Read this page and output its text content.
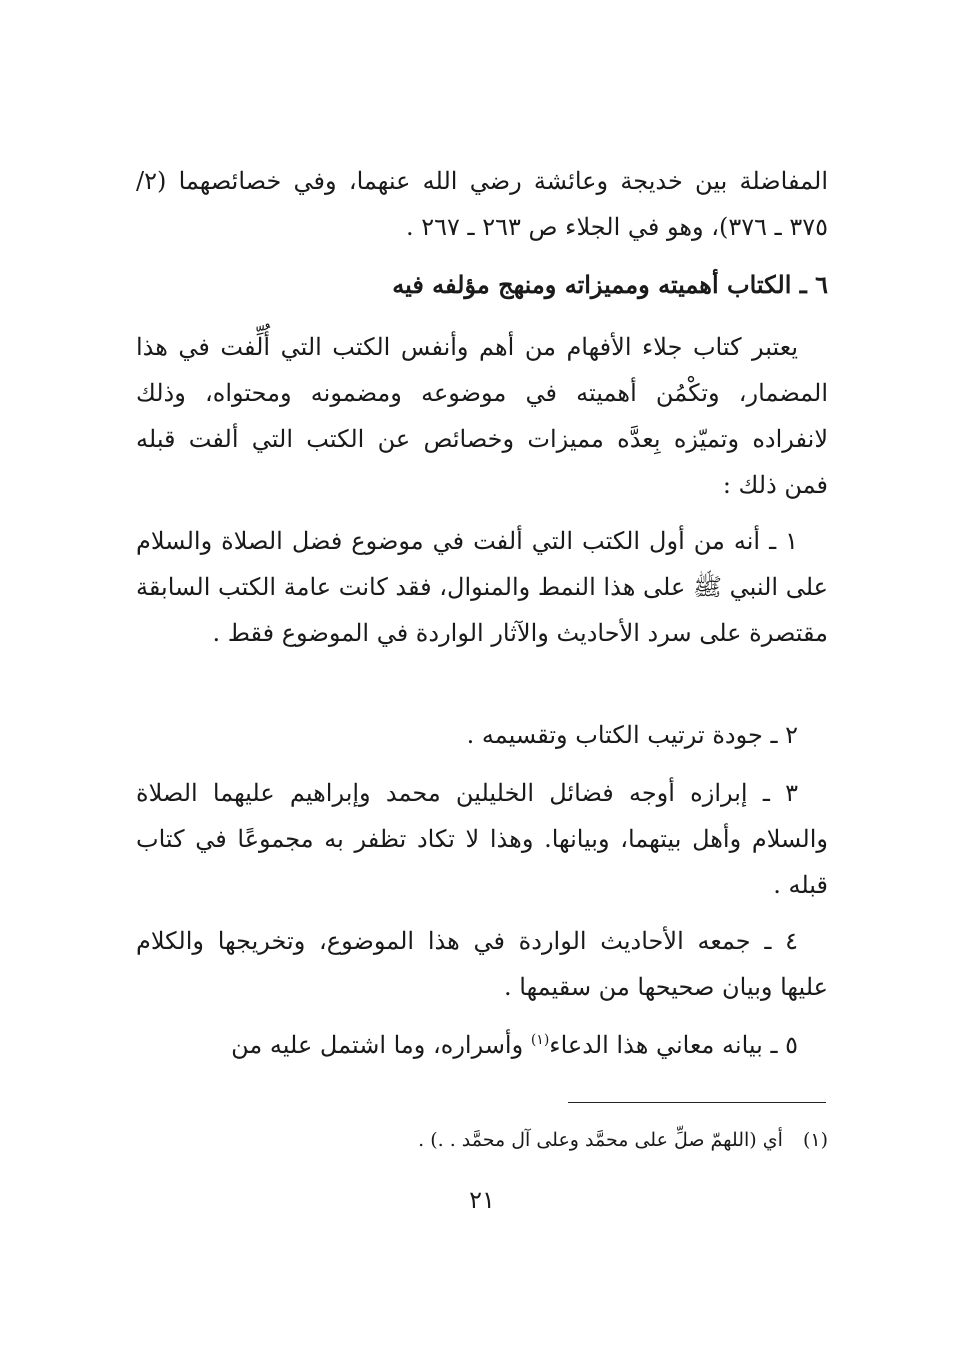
المفاضلة بين خديجة وعائشة رضي الله عنهما، وفي خصائصهما (٢/ ٣٧٥ ـ ٣٧٦)، وهو في الجلاء ص ٢٦٣ ـ ٢٦٧ .
٦ ـ الكتاب أهميته ومميزاته ومنهج مؤلفه فيه
يعتبر كتاب جلاء الأفهام من أهم وأنفس الكتب التي أُلِّفت في هذا المضمار، وتكْمُن أهميته في موضوعه ومضمونه ومحتواه، وذلك لانفراده وتميّزه بِعدَّه مميزات وخصائص عن الكتب التي ألفت قبله فمن ذلك :
١ ـ أنه من أول الكتب التي ألفت في موضوع فضل الصلاة والسلام على النبي ﷺ على هذا النمط والمنوال، فقد كانت عامة الكتب السابقة مقتصرة على سرد الأحاديث والآثار الواردة في الموضوع فقط .
٢ ـ جودة ترتيب الكتاب وتقسيمه .
٣ ـ إبرازه أوجه فضائل الخليلين محمد وإبراهيم عليهما الصلاة والسلام وأهل بيتهما، وبيانها. وهذا لا تكاد تظفر به مجموعًا في كتاب قبله .
٤ ـ جمعه الأحاديث الواردة في هذا الموضوع، وتخريجها والكلام عليها وبيان صحيحها من سقيمها .
٥ ـ بيانه معاني هذا الدعاء$^{(١)}$ وأسراره، وما اشتمل عليه من
(١) أي (اللهمّ صلِّ على محمَّد وعلى آل محمَّد . .) .
٢١
